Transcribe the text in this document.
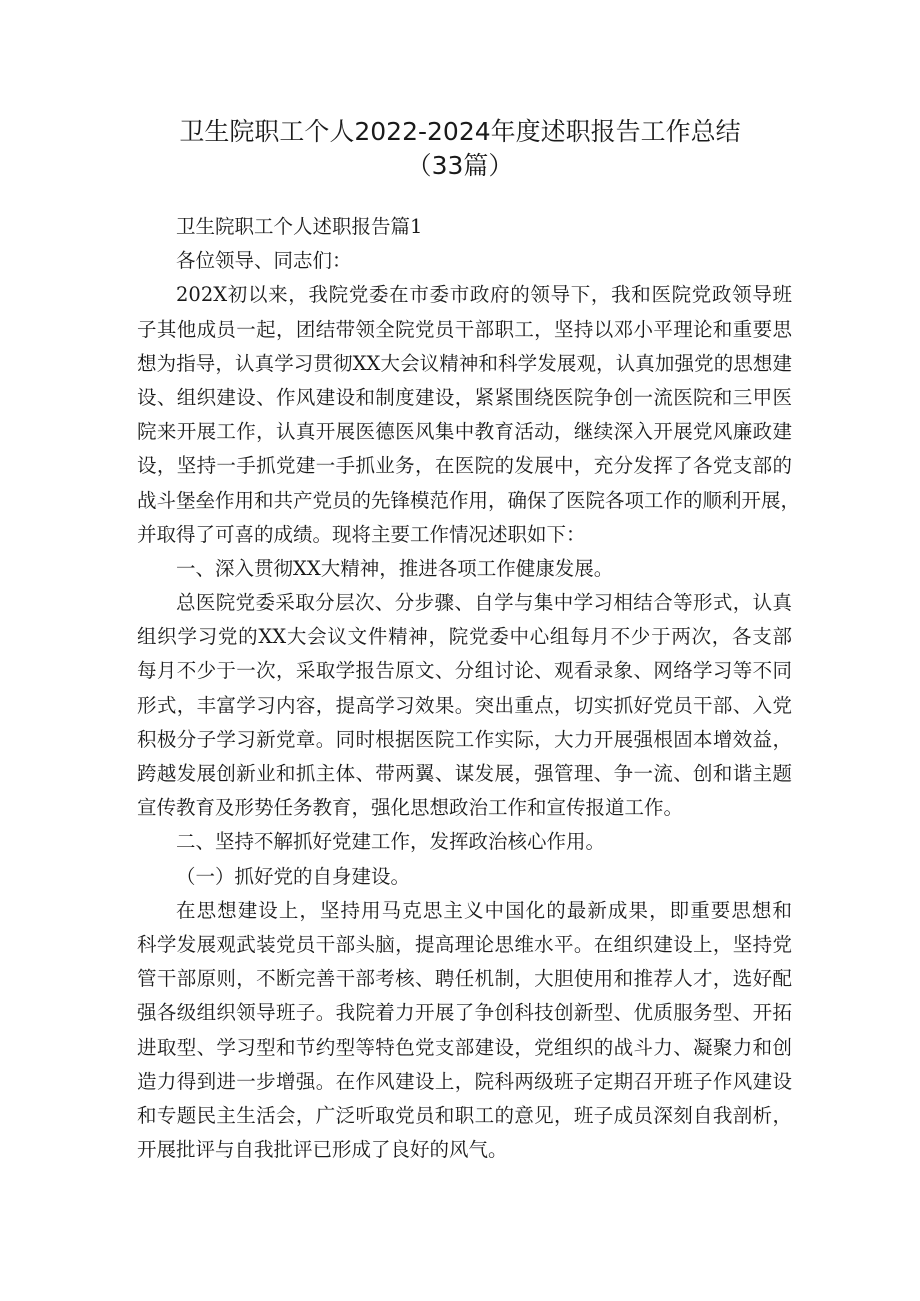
卫生院职工个人2022-2024年度述职报告工作总结
（33篇）
卫生院职工个人述职报告篇1
各位领导、同志们：
202X初以来，我院党委在市委市政府的领导下，我和医院党政领导班
子其他成员一起，团结带领全院党员干部职工，坚持以邓小平理论和重要思
想为指导，认真学习贯彻XX大会议精神和科学发展观，认真加强党的思想建
设、组织建设、作风建设和制度建设，紧紧围绕医院争创一流医院和三甲医
院来开展工作，认真开展医德医风集中教育活动，继续深入开展党风廉政建
设，坚持一手抓党建一手抓业务，在医院的发展中，充分发挥了各党支部的
战斗堡垒作用和共产党员的先锋模范作用，确保了医院各项工作的顺利开展，
并取得了可喜的成绩。现将主要工作情况述职如下：
一、深入贯彻XX大精神，推进各项工作健康发展。
总医院党委采取分层次、分步骤、自学与集中学习相结合等形式，认真
组织学习党的XX大会议文件精神，院党委中心组每月不少于两次，各支部
每月不少于一次，采取学报告原文、分组讨论、观看录象、网络学习等不同
形式，丰富学习内容，提高学习效果。突出重点，切实抓好党员干部、入党
积极分子学习新党章。同时根据医院工作实际，大力开展强根固本增效益，
跨越发展创新业和抓主体、带两翼、谋发展，强管理、争一流、创和谐主题
宣传教育及形势任务教育，强化思想政治工作和宣传报道工作。
二、坚持不解抓好党建工作，发挥政治核心作用。
（一）抓好党的自身建设。
在思想建设上，坚持用马克思主义中国化的最新成果，即重要思想和
科学发展观武装党员干部头脑，提高理论思维水平。在组织建设上，坚持党
管干部原则，不断完善干部考核、聘任机制，大胆使用和推荐人才，选好配
强各级组织领导班子。我院着力开展了争创科技创新型、优质服务型、开拓
进取型、学习型和节约型等特色党支部建设，党组织的战斗力、凝聚力和创
造力得到进一步增强。在作风建设上，院科两级班子定期召开班子作风建设
和专题民主生活会，广泛听取党员和职工的意见，班子成员深刻自我剖析，
开展批评与自我批评已形成了良好的风气。
